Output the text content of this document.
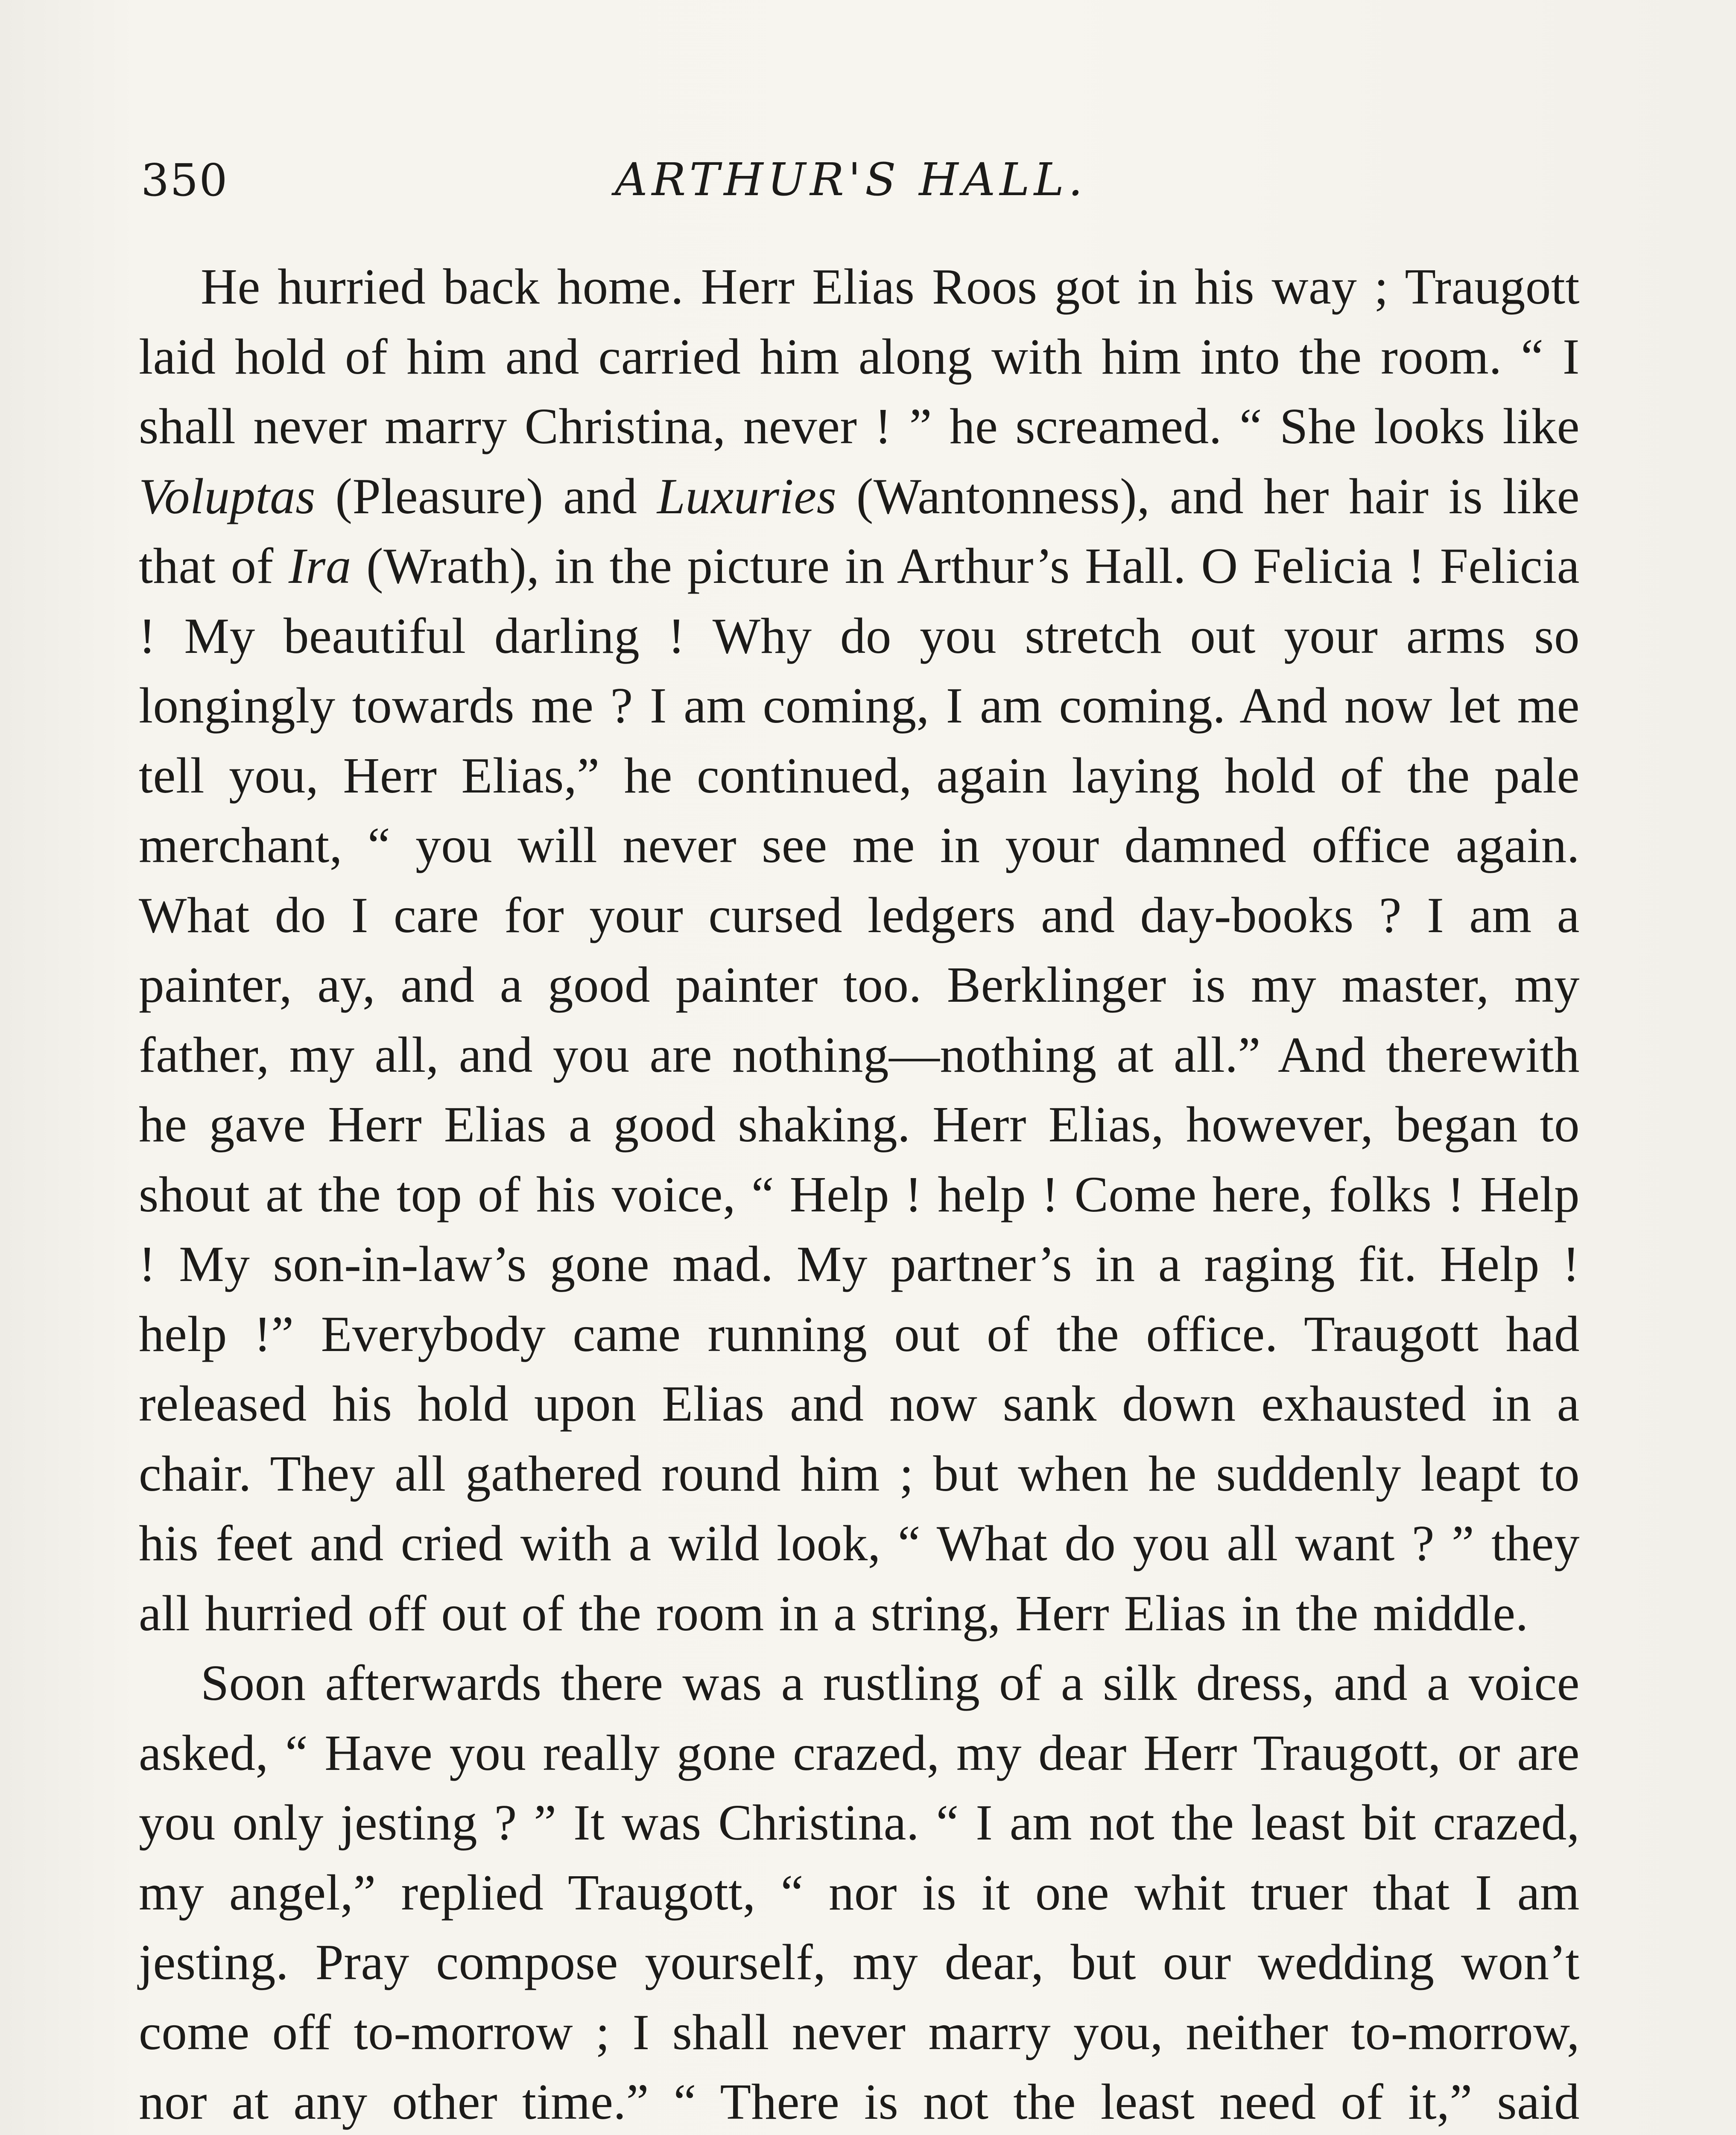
350	ARTHUR'S HALL.

He hurried back home. Herr Elias Roos got in his way ; Traugott laid hold of him and carried him along with him into the room. “ I shall never marry Christina, never ! ” he screamed. “ She looks like Voluptas (Pleasure) and Luxuries (Wantonness), and her hair is like that of Ira (Wrath), in the picture in Arthur’s Hall. O Felicia ! Felicia ! My beautiful darling ! Why do you stretch out your arms so longingly towards me ? I am coming, I am coming. And now let me tell you, Herr Elias,” he continued, again laying hold of the pale merchant, “ you will never see me in your damned office again. What do I care for your cursed ledgers and day-books ? I am a painter, ay, and a good painter too. Berklinger is my master, my father, my all, and you are nothing—nothing at all.” And therewith he gave Herr Elias a good shaking. Herr Elias, however, began to shout at the top of his voice, “ Help ! help ! Come here, folks ! Help ! My son-in-law’s gone mad. My partner’s in a raging fit. Help ! help !” Everybody came running out of the office. Traugott had released his hold upon Elias and now sank down exhausted in a chair. They all gathered round him ; but when he suddenly leapt to his feet and cried with a wild look, “ What do you all want ? ” they all hurried off out of the room in a string, Herr Elias in the middle.

Soon afterwards there was a rustling of a silk dress, and a voice asked, “ Have you really gone crazed, my dear Herr Traugott, or are you only jesting ? ” It was Christina. “ I am not the least bit crazed, my angel,” replied Traugott, “ nor is it one whit truer that I am jesting. Pray compose yourself, my dear, but our wedding won’t come off to-morrow ; I shall never marry you, neither to-morrow, nor at any other time.” “ There is not the least need of it,” said
